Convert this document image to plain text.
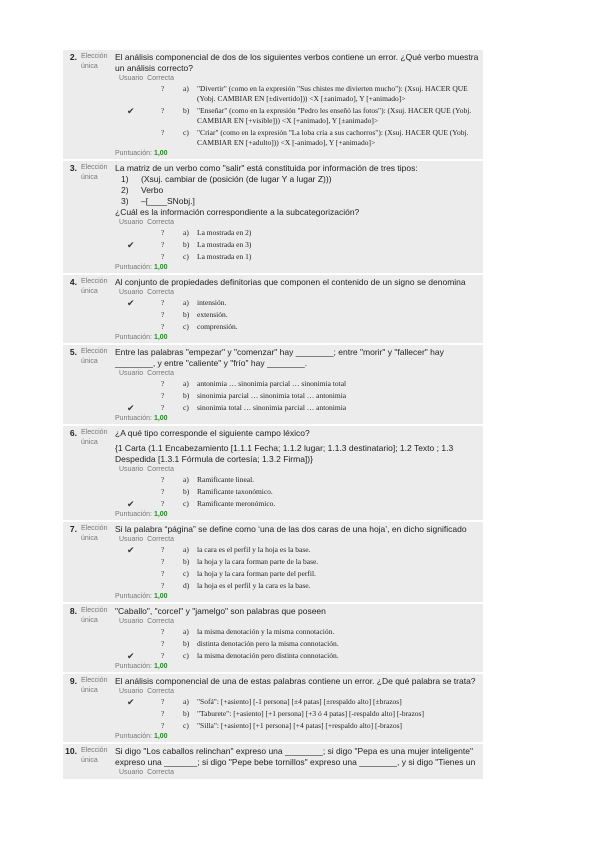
2. Elección única

El análisis componencial de dos de los siguientes verbos contiene un error. ¿Qué verbo muestra un análisis correcto?

Usuario Correcta
? a) "Divertir" (como en la expresión "Sus chistes me divierten mucho"): (Xsuj. HACER QUE (Yobj. CAMBIAR EN [±divertido])) <X [±animado], Y [+animado]>
✔	? b) "Enseñar" (como en la expresión "Pedro les enseñó las fotos"): (Xsuj. HACER QUE (Yobj. CAMBIAR EN [+visible])) <X [+animado], Y [±animado]>
? c) "Criar" (como en la expresión "La loba cría a sus cachorros"): (Xsuj. HACER QUE (Yobj. CAMBIAR EN [+adulto])) <X [-animado], Y [+animado]>
Puntuación: 1,00
3. Elección única

La matriz de un verbo como "salir" está constituida por información de tres tipos:

1) (Xsuj. cambiar de (posición (de lugar Y a lugar Z)))
2) Verbo
3) –[____SNobj.]
¿Cuál es la información correspondiente a la subcategorización?
Usuario Correcta
? a) La mostrada en 2)
✔	? b) La mostrada en 3)
? c) La mostrada en 1)
Puntuación: 1,00
4. Elección única

Al conjunto de propiedades definitorias que componen el contenido de un signo se denomina

Usuario Correcta
✔	? a) intensión.
? b) extensión.
? c) comprensión.
Puntuación: 1,00
5. Elección única

Entre las palabras "empezar" y "comenzar" hay ________; entre "morir" y "fallecer" hay ________, y entre "caliente" y "frío" hay ________.

Usuario Correcta
? a) antonimia … sinonimia parcial … sinonimia total
? b) sinonimia parcial … sinonimia total … antonimia
✔	? c) sinonimia total … sinonimia parcial … antonimia
Puntuación: 1,00
6. Elección única

¿A qué tipo corresponde el siguiente campo léxico?

{1 Carta (1.1 Encabezamiento [1.1.1 Fecha; 1.1.2 lugar; 1.1.3 destinatario]; 1.2 Texto ; 1.3 Despedida [1.3.1 Fórmula de cortesía; 1.3.2 Firma])}

Usuario Correcta
? a) Ramificante lineal.
? b) Ramificante taxonómico.
✔	? c) Ramificante meronómico.
Puntuación: 1,00
7. Elección única

Si la palabra “página” se define como ‘una de las dos caras de una hoja’, en dicho significado

Usuario Correcta
✔	? a) la cara es el perfil y la hoja es la base.
? b) la hoja y la cara forman parte de la base.
? c) la hoja y la cara forman parte del perfil.
? d) la hoja es el perfil y la cara es la base.
Puntuación: 1,00
8. Elección única

"Caballo", "corcel" y "jamelgo" son palabras que poseen

Usuario Correcta
? a) la misma denotación y la misma connotación.
? b) distinta denotación pero la misma connotación.
✔	? c) la misma denotación pero distinta connotación.
Puntuación: 1,00
9. Elección única

El análisis componencial de una de estas palabras contiene un error. ¿De qué palabra se trata?

Usuario Correcta
✔	? a) "Sofá": [+asiento] [-1 persona] [±4 patas] [±respaldo alto] [±brazos]
? b) "Taburete": [+asiento] [+1 persona] [+3 ó 4 patas] [-respaldo alto] [-brazos]
? c) "Silla": [+asiento] [+1 persona] [+4 patas] [+respaldo alto] [-brazos]
Puntuación: 1,00
10. Elección única

Si digo "Los caballos relinchan" expreso una ________; si digo "Pepa es una mujer inteligente" expreso una _______; si digo "Pepe bebe tornillos" expreso una ________, y si digo "Tienes un

Usuario Correcta
